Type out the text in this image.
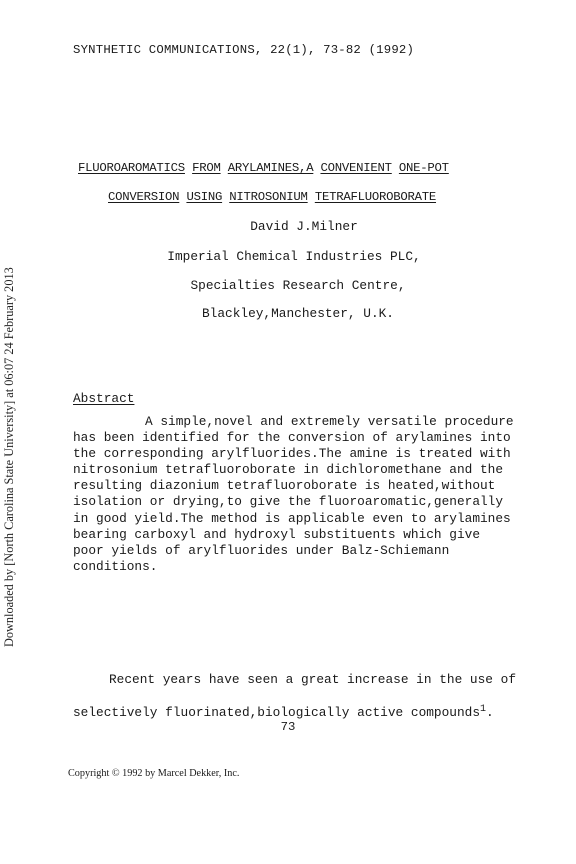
SYNTHETIC COMMUNICATIONS, 22(1), 73-82 (1992)
FLUOROAROMATICS FROM ARYLAMINES,A CONVENIENT ONE-POT
CONVERSION USING NITROSONIUM TETRAFLUOROBORATE
David J.Milner
Imperial Chemical Industries PLC,
Specialties Research Centre,
Blackley,Manchester, U.K.
Abstract
A simple,novel and extremely versatile procedure
has been identified for the conversion of arylamines into
the corresponding arylfluorides.The amine is treated with
nitrosonium tetrafluoroborate in dichloromethane and the
resulting diazonium tetrafluoroborate is heated,without
isolation or drying,to give the fluoroaromatic,generally
in good yield.The method is applicable even to arylamines
bearing carboxyl and hydroxyl substituents which give
poor yields of arylfluorides under Balz-Schiemann
conditions.
Recent years have seen a great increase in the use of
selectively fluorinated,biologically active compounds$^1$.
73
Copyright © 1992 by Marcel Dekker, Inc.
Downloaded by [North Carolina State University] at 06:07 24 February 2013
